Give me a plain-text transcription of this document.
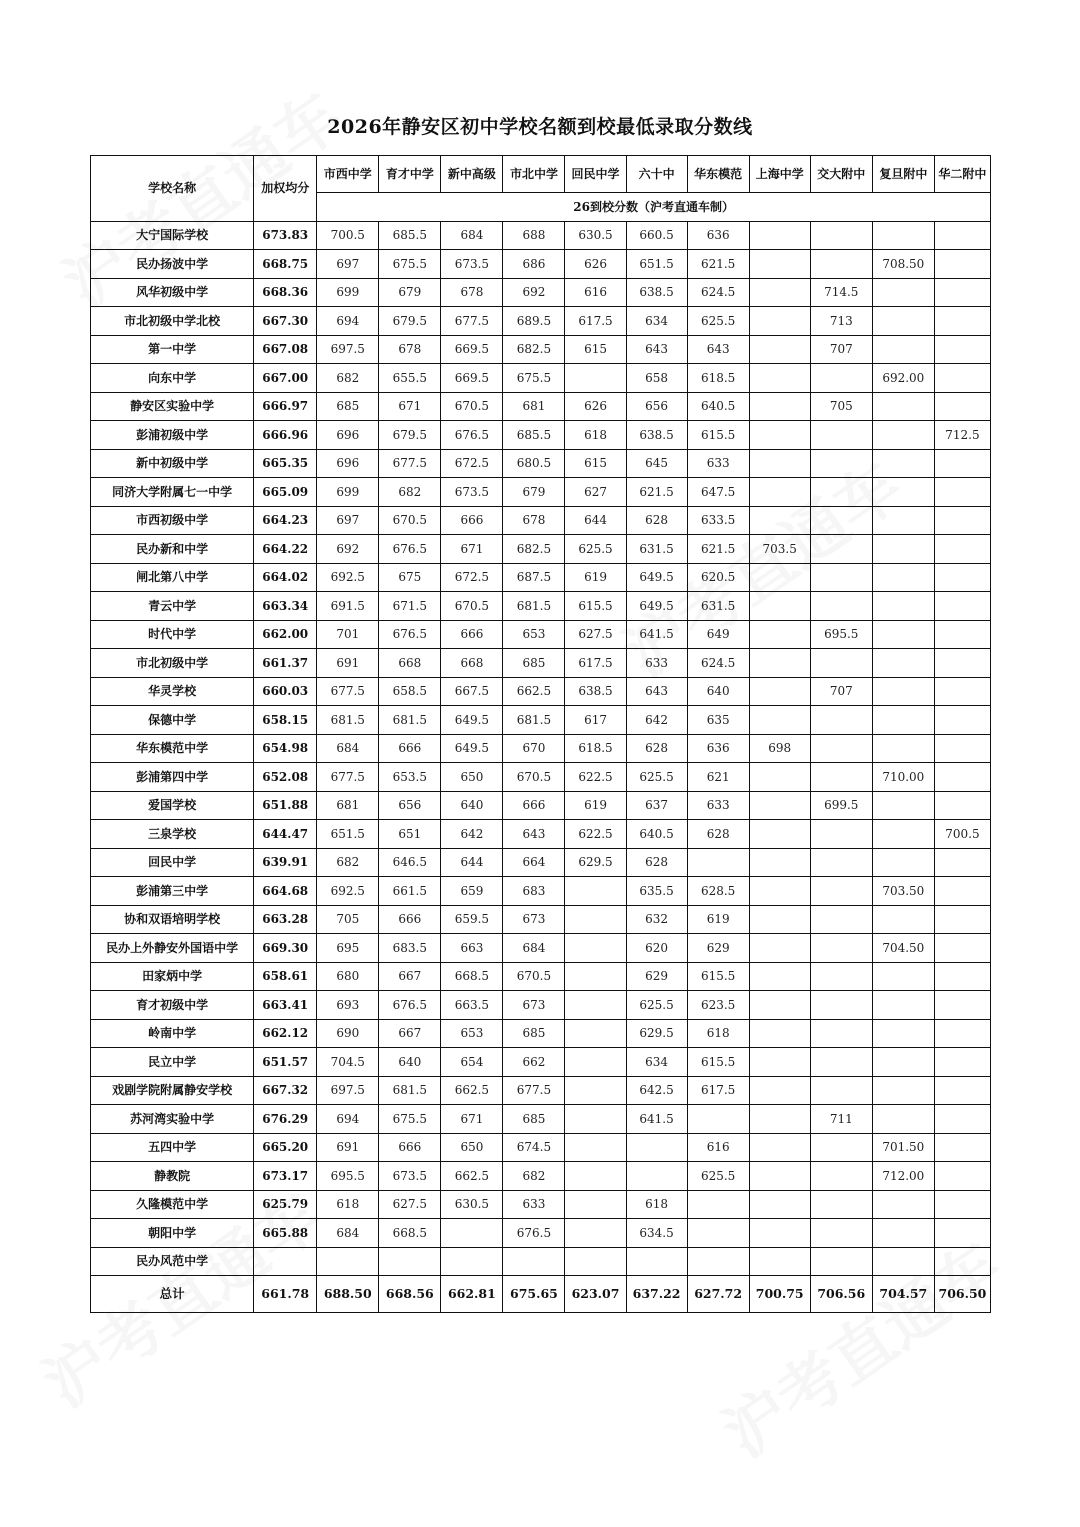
2026年静安区初中学校名额到校最低录取分数线
学校名称	加权均分	市西中学	育才中学	新中高级	市北中学	回民中学	六十中	华东模范	上海中学	交大附中	复旦附中	华二附中
		26到校分数（沪考直通车制）										
大宁国际学校	673.83	700.5	685.5	684	688	630.5	660.5	636				
民办扬波中学	668.75	697	675.5	673.5	686	626	651.5	621.5			708.50	
风华初级中学	668.36	699	679	678	692	616	638.5	624.5		714.5		
市北初级中学北校	667.30	694	679.5	677.5	689.5	617.5	634	625.5		713		
第一中学	667.08	697.5	678	669.5	682.5	615	643	643		707		
向东中学	667.00	682	655.5	669.5	675.5		658	618.5			692.00	
静安区实验中学	666.97	685	671	670.5	681	626	656	640.5		705		
彭浦初级中学	666.96	696	679.5	676.5	685.5	618	638.5	615.5				712.5
新中初级中学	665.35	696	677.5	672.5	680.5	615	645	633				
同济大学附属七一中学	665.09	699	682	673.5	679	627	621.5	647.5				
市西初级中学	664.23	697	670.5	666	678	644	628	633.5				
民办新和中学	664.22	692	676.5	671	682.5	625.5	631.5	621.5	703.5			
闸北第八中学	664.02	692.5	675	672.5	687.5	619	649.5	620.5				
青云中学	663.34	691.5	671.5	670.5	681.5	615.5	649.5	631.5				
时代中学	662.00	701	676.5	666	653	627.5	641.5	649		695.5		
市北初级中学	661.37	691	668	668	685	617.5	633	624.5				
华灵学校	660.03	677.5	658.5	667.5	662.5	638.5	643	640		707		
保德中学	658.15	681.5	681.5	649.5	681.5	617	642	635				
华东模范中学	654.98	684	666	649.5	670	618.5	628	636	698			
彭浦第四中学	652.08	677.5	653.5	650	670.5	622.5	625.5	621			710.00	
爱国学校	651.88	681	656	640	666	619	637	633		699.5		
三泉学校	644.47	651.5	651	642	643	622.5	640.5	628				700.5
回民中学	639.91	682	646.5	644	664	629.5	628					
彭浦第三中学	664.68	692.5	661.5	659	683		635.5	628.5			703.50	
协和双语培明学校	663.28	705	666	659.5	673		632	619				
民办上外静安外国语中学	669.30	695	683.5	663	684		620	629			704.50	
田家炳中学	658.61	680	667	668.5	670.5		629	615.5				
育才初级中学	663.41	693	676.5	663.5	673		625.5	623.5				
岭南中学	662.12	690	667	653	685		629.5	618				
民立中学	651.57	704.5	640	654	662		634	615.5				
戏剧学院附属静安学校	667.32	697.5	681.5	662.5	677.5		642.5	617.5				
苏河湾实验中学	676.29	694	675.5	671	685		641.5			711		
五四中学	665.20	691	666	650	674.5			616			701.50	
静教院	673.17	695.5	673.5	662.5	682			625.5			712.00	
久隆模范中学	625.79	618	627.5	630.5	633		618					
朝阳中学	665.88	684	668.5		676.5		634.5					
民办风范中学												
总计	661.78	688.50	668.56	662.81	675.65	623.07	637.22	627.72	700.75	706.56	704.57	706.50
